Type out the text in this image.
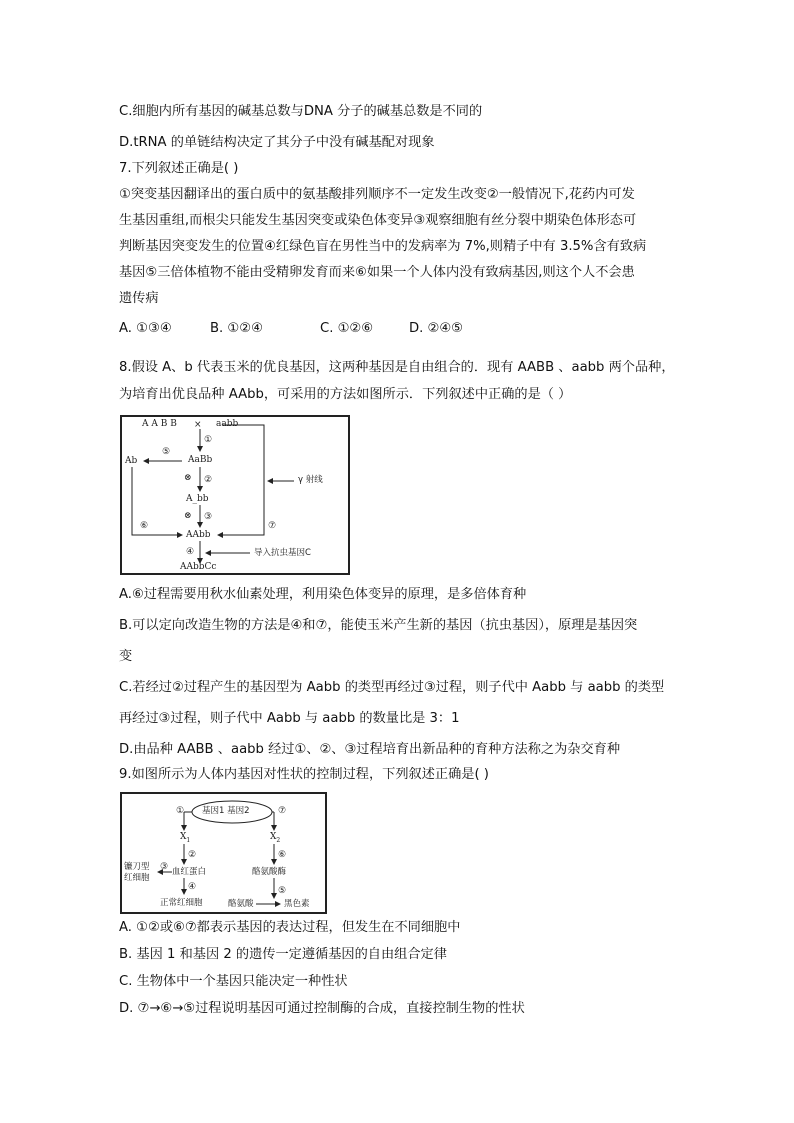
C.细胞内所有基因的碱基总数与DNA 分子的碱基总数是不同的
D.tRNA 的单链结构决定了其分子中没有碱基配对现象
7.下列叙述正确是( )
①突变基因翻译出的蛋白质中的氨基酸排列顺序不一定发生改变②一般情况下,花药内可发
生基因重组,而根尖只能发生基因突变或染色体变异③观察细胞有丝分裂中期染色体形态可
判断基因突变发生的位置④红绿色盲在男性当中的发病率为 7%,则精子中有 3.5%含有致病
基因⑤三倍体植物不能由受精卵发育而来⑥如果一个人体内没有致病基因,则这个人不会患
遗传病
A. ①③④	B. ①②④	C. ①②⑥	D. ②④⑤
8.假设 A、b 代表玉米的优良基因，这两种基因是自由组合的．现有 AABB 、aabb 两个品种，
为培育出优良品种 AAbb，可采用的方法如图所示．下列叙述中正确的是（ ）
A A B B × aabb
①
AaBb
⑤
Ab
⊗ ②
A_bb
⊗ ③
⑥	⑦
AAbb
④
AAbbCc
γ 射线
导入抗虫基因C
A.⑥过程需要用秋水仙素处理，利用染色体变异的原理，是多倍体育种
B.可以定向改造生物的方法是④和⑦，能使玉米产生新的基因（抗虫基因），原理是基因突
变
C.若经过②过程产生的基因型为 Aabb 的类型再经过③过程，则子代中 Aabb 与 aabb 的类型
再经过③过程，则子代中 Aabb 与 aabb 的数量比是 3：1
D.由品种 AABB 、aabb 经过①、②、③过程培育出新品种的育种方法称之为杂交育种
9.如图所示为人体内基因对性状的控制过程，下列叙述正确是( )
基因1 基因2
①	⑦
$X_1$	$X_2$
②	⑥
血红蛋白	酪氨酸酶
③
镰刀型
红细胞
④	⑤
正常红细胞	酪氨酸	黑色素
A. ①②或⑥⑦都表示基因的表达过程，但发生在不同细胞中
B. 基因 1 和基因 2 的遗传一定遵循基因的自由组合定律
C. 生物体中一个基因只能决定一种性状
D. ⑦→⑥→⑤过程说明基因可通过控制酶的合成，直接控制生物的性状
